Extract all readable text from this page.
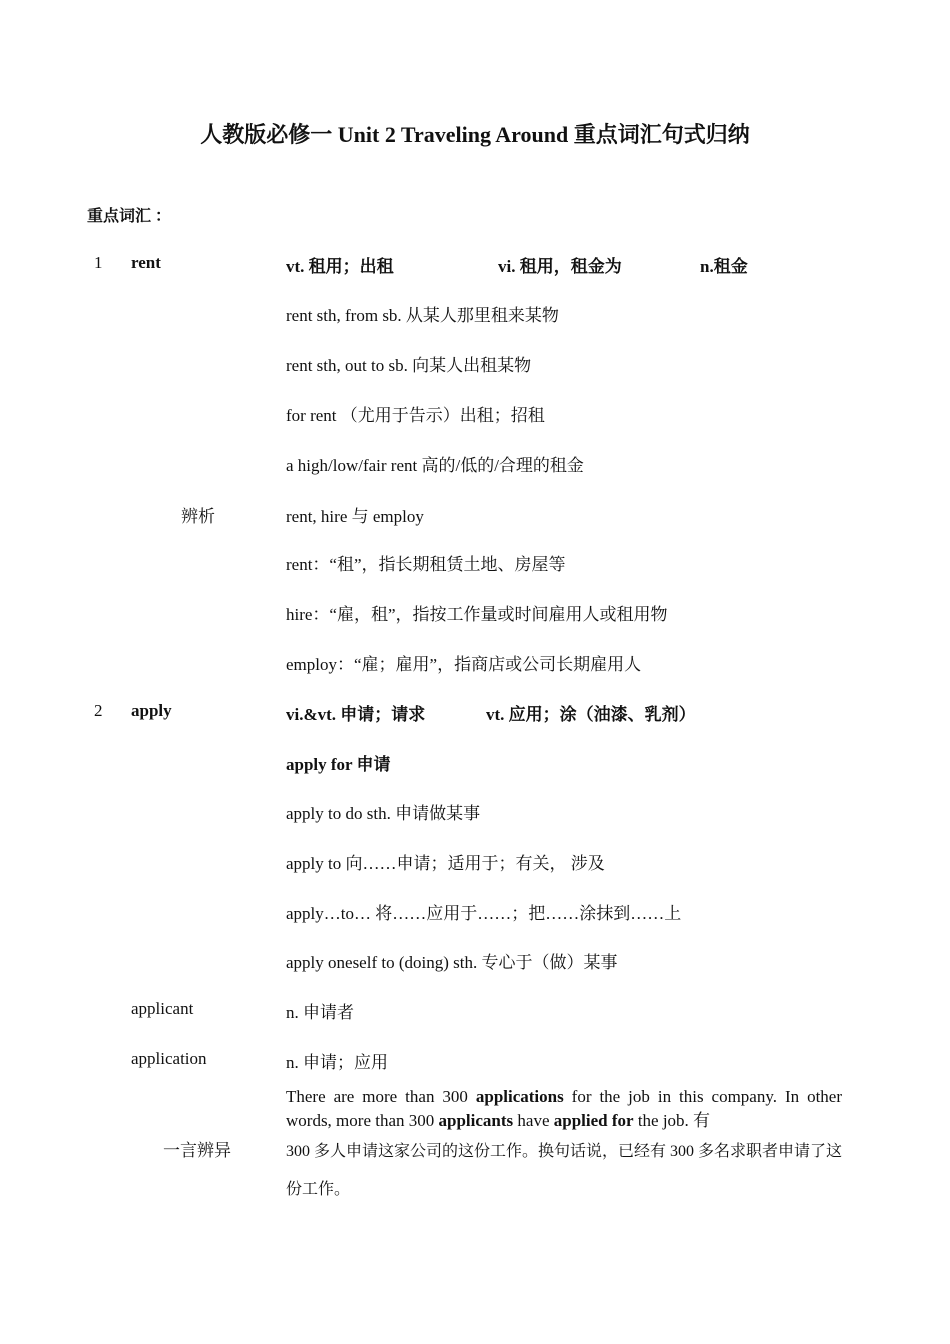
人教版必修一 Unit 2 Traveling Around 重点词汇句式归纳
重点词汇 ：
1 rent	vt. 租用；出租	vi. 租用，租金为	n.租金
rent sth, from sb. 从某人那里租来某物
rent sth, out to sb. 向某人出租某物
for rent （尤用于告示）出租；招租
a high/low/fair rent 高的/低的/合理的租金
辨析	rent, hire 与 employ
rent：“租”，指长期租赁土地、房屋等
hire：“雇，租”，指按工作量或时间雇用人或租用物
employ：“雇；雇用”，指商店或公司长期雇用人
2 apply	vi.&vt. 申请；请求	vt. 应用；涂（油漆、乳剂）
apply for 申请
apply to do sth. 申请做某事
apply to 向……申请；适用于；有关， 涉及
apply…to… 将……应用于……；把……涂抹到……上
apply oneself to (doing) sth. 专心于（做）某事
applicant	n. 申请者
application	n. 申请；应用
一言辨异
There are more than 300 applications for the job in this company. In other words, more than 300 applicants have applied for the job. 有
300 多人申请这家公司的这份工作。换句话说，已经有 300 多名求职者申请了这份工作。
